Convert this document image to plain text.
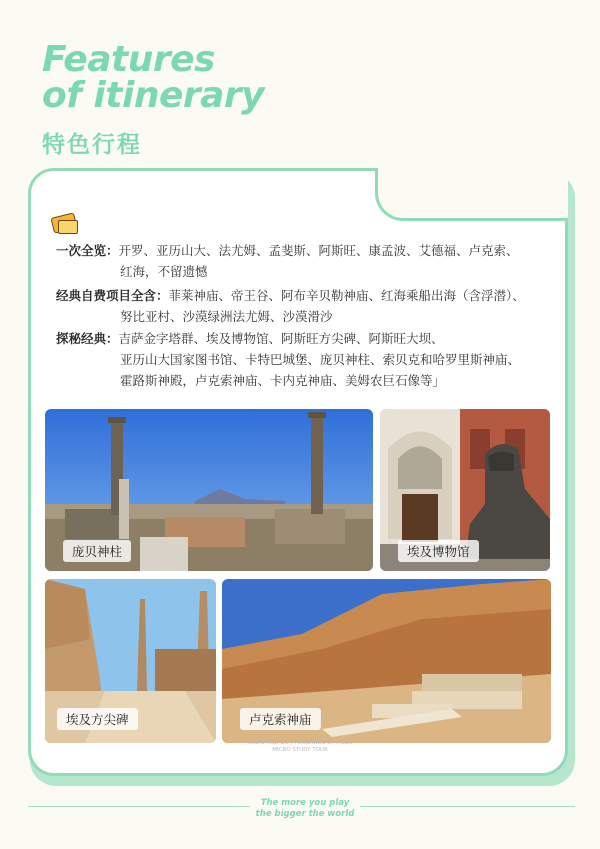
Features
of itinerary
特色行程
一次全览：开罗、亚历山大、法尤姆、孟斐斯、阿斯旺、康孟波、艾德福、卢克索、
红海，不留遗憾
经典自费项目全含：菲莱神庙、帝王谷、阿布辛贝勒神庙、红海乘船出海（含浮潜）、
努比亚村、沙漠绿洲法尤姆、沙漠滑沙
探秘经典：吉萨金字塔群、埃及博物馆、阿斯旺方尖碑、阿斯旺大坝、
亚历山大国家图书馆、卡特巴城堡、庞贝神柱、索贝克和哈罗里斯神庙、
霍路斯神殿，卢克索神庙、卡内克神庙、美姆农巨石像等」
庞贝神柱	埃及博物馆
埃及方尖碑	卢克索神庙
KNOW AND DO | POUSANOS OF MILES
MICRO STUDY TOUR
The more you play
the bigger the world
